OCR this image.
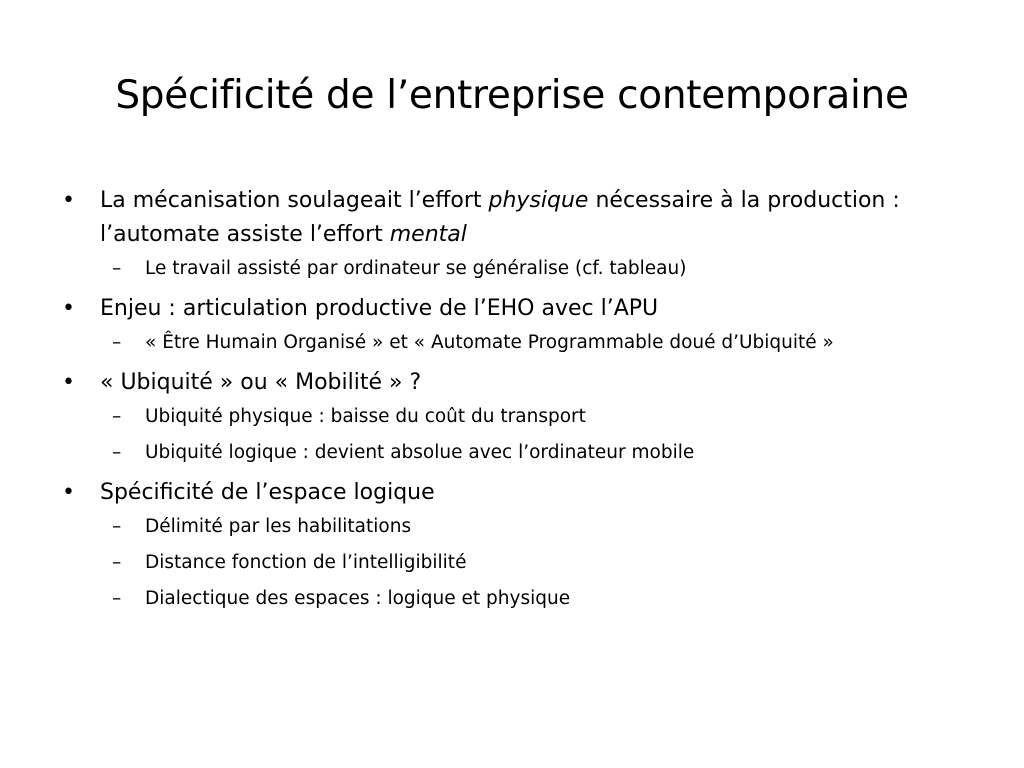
Spécificité de l’entreprise contemporaine
• La mécanisation soulageait l’effort physique nécessaire à la production : l’automate assiste l’effort mental
– Le travail assisté par ordinateur se généralise (cf. tableau)
• Enjeu : articulation productive de l’EHO avec l’APU
– « Être Humain Organisé » et « Automate Programmable doué d’Ubiquité »
• « Ubiquité » ou « Mobilité » ?
– Ubiquité physique : baisse du coût du transport
– Ubiquité logique : devient absolue avec l’ordinateur mobile
• Spécificité de l’espace logique
– Délimité par les habilitations
– Distance fonction de l’intelligibilité
– Dialectique des espaces : logique et physique
